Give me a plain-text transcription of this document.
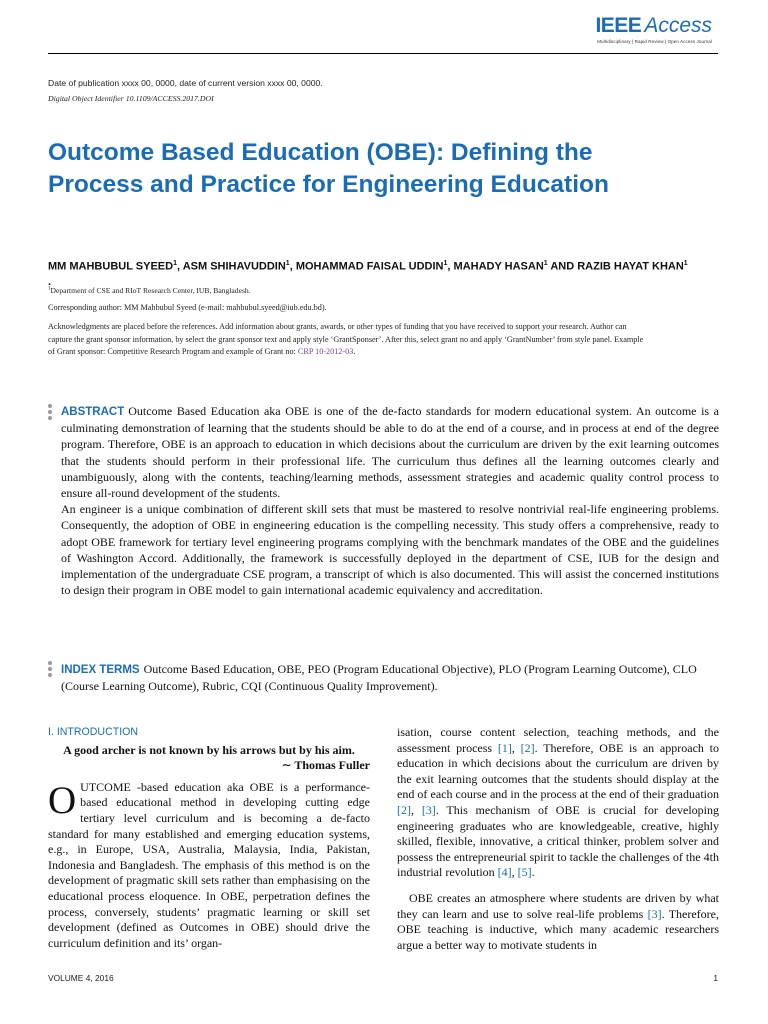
IEEE Access
Multidisciplinary | Rapid Review | Open Access Journal
Date of publication xxxx 00, 0000, date of current version xxxx 00, 0000.
Digital Object Identifier 10.1109/ACCESS.2017.DOI
Outcome Based Education (OBE): Defining the Process and Practice for Engineering Education

MM MAHBUBUL SYEED$^1$, ASM SHIHAVUDDIN$^1$, MOHAMMAD FAISAL UDDIN$^1$, MAHADY HASAN$^1$ AND RAZIB HAYAT KHAN$^1$ .

$^1$Department of CSE and RIoT Research Center, IUB, Bangladesh.
Corresponding author: MM Mahbubul Syeed (e-mail: mahbubul.syeed@iub.edu.bd).
Acknowledgments are placed before the references. Add information about grants, awards, or other types of funding that you have received to support your research. Author can capture the grant sponsor information, by select the grant sponsor text and apply style ‘GrantSponser’. After this, select grant no and apply ‘GrantNumber’ from style panel. Example of Grant sponsor: Competitive Research Program and example of Grant no: CRP 10-2012-03.

ABSTRACT Outcome Based Education aka OBE is one of the de-facto standards for modern educational system. An outcome is a culminating demonstration of learning that the students should be able to do at the end of a course, and in process at end of the degree program. Therefore, OBE is an approach to education in which decisions about the curriculum are driven by the exit learning outcomes that the students should perform in their professional life. The curriculum thus defines all the learning outcomes clearly and unambiguously, along with the contents, teaching/learning methods, assessment strategies and academic quality control process to ensure all-round development of the students.

An engineer is a unique combination of different skill sets that must be mastered to resolve nontrivial real-life engineering problems. Consequently, the adoption of OBE in engineering education is the compelling necessity. This study offers a comprehensive, ready to adopt OBE framework for tertiary level engineering programs complying with the benchmark mandates of the OBE and the guidelines of Washington Accord. Additionally, the framework is successfully deployed in the department of CSE, IUB for the design and implementation of the undergraduate CSE program, a transcript of which is also documented. This will assist the concerned institutions to design their program in OBE model to gain international academic equivalency and accreditation.

INDEX TERMS Outcome Based Education, OBE, PEO (Program Educational Objective), PLO (Program Learning Outcome), CLO (Course Learning Outcome), Rubric, CQI (Continuous Quality Improvement).

I. INTRODUCTION

A good archer is not known by his arrows but by his aim.

∼ Thomas Fuller

OUTCOME -based education aka OBE is a performance-based educational method in developing cutting edge tertiary level curriculum and is becoming a de-facto standard for many established and emerging education systems, e.g., in Europe, USA, Australia, Malaysia, India, Pakistan, Indonesia and Bangladesh. The emphasis of this method is on the development of pragmatic skill sets rather than emphasising on the educational process eloquence. In OBE, perpetration defines the process, conversely, students’ pragmatic learning or skill set development (defined as Outcomes in OBE) should drive the curriculum definition and its’ organ-

isation, course content selection, teaching methods, and the assessment process [1], [2]. Therefore, OBE is an approach to education in which decisions about the curriculum are driven by the exit learning outcomes that the students should display at the end of each course and in the process at the end of their graduation [2], [3]. This mechanism of OBE is crucial for developing engineering graduates who are knowledgeable, creative, highly skilled, flexible, innovative, a critical thinker, problem solver and possess the entrepreneurial spirit to tackle the challenges of the 4th industrial revolution [4], [5].

OBE creates an atmosphere where students are driven by what they can learn and use to solve real-life problems [3]. Therefore, OBE teaching is inductive, which many academic researchers argue a better way to motivate students in

VOLUME 4, 2016	1
